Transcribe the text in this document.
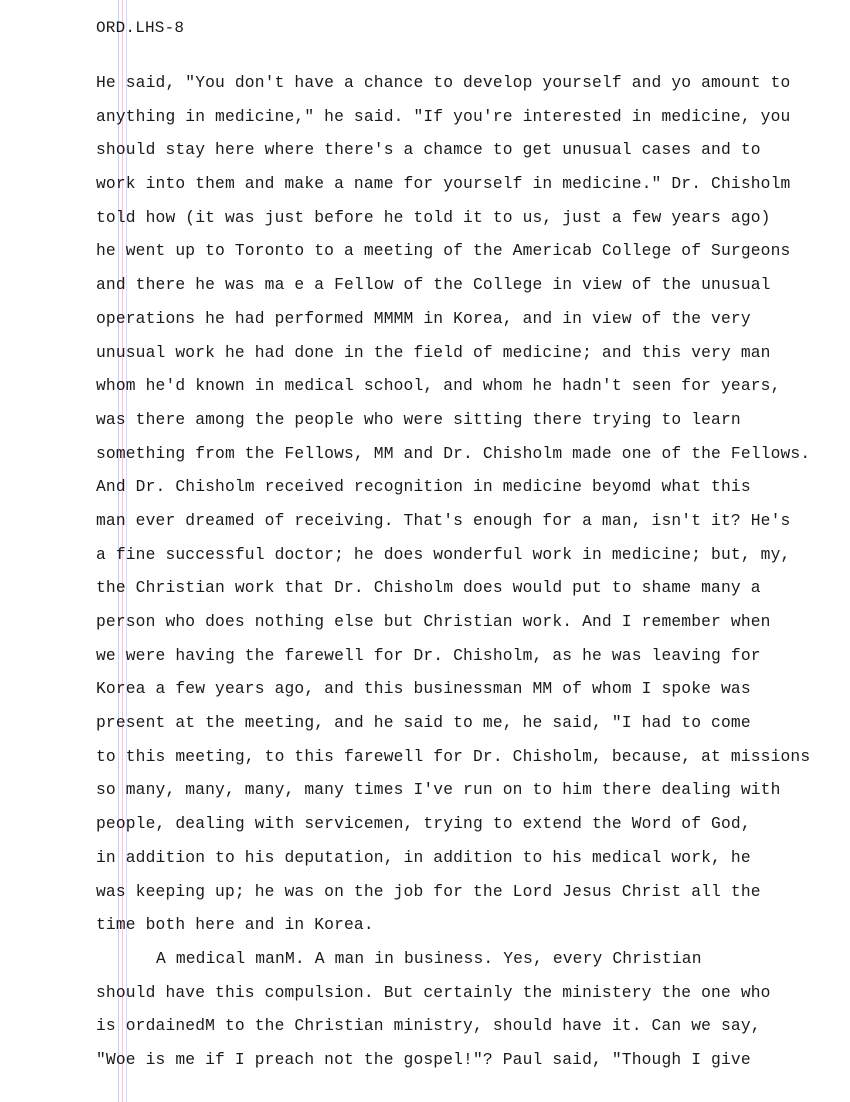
ORD.LHS-8
He said, "You don't have a chance to develop yourself and yo amount to
anything in medicine," he said. "If you're interested in medicine, you
should stay here where there's a chamce to get unusual cases and to
work into them and make a name for yourself in medicine." Dr. Chisholm
told how (it was just before he told it to us, just a few years ago)
he went up to Toronto to a meeting of the Americab College of Surgeons
and there he was ma e a Fellow of the College in view of the unusual
operations he had performed MMMM in Korea, and in view of the very
unusual work he had done in the field of medicine; and this very man
whom he'd known in medical school, and whom he hadn't seen for years,
was there among the people who were sitting there trying to learn
something from the Fellows, MM and Dr. Chisholm made one of the Fellows.
And Dr. Chisholm received recognition in medicine beyomd what this
man ever dreamed of receiving. That's enough for a man, isn't it? He's
a fine successful doctor; he does wonderful work in medicine; but, my,
the Christian work that Dr. Chisholm does would put to shame many a
person who does nothing else but Christian work. And I remember when
we were having the farewell for Dr. Chisholm, as he was leaving for
Korea a few years ago, and this businessman MM of whom I spoke was
present at the meeting, and he said to me, he said, "I had to come
to this meeting, to this farewell for Dr. Chisholm, because, at missions
so many, many, many, many times I've run on to him there dealing with
people, dealing with servicemen, trying to extend the Word of God,
in addition to his deputation, in addition to his medical work, he
was keeping up; he was on the job for the Lord Jesus Christ all the
time both here and in Korea.
A medical manM. A man in business. Yes, every Christian
should have this compulsion. But certainly the ministery the one who
is ordainedM to the Christian ministry, should have it. Can we say,
"Woe is me if I preach not the gospel!"? Paul said, "Though I give
